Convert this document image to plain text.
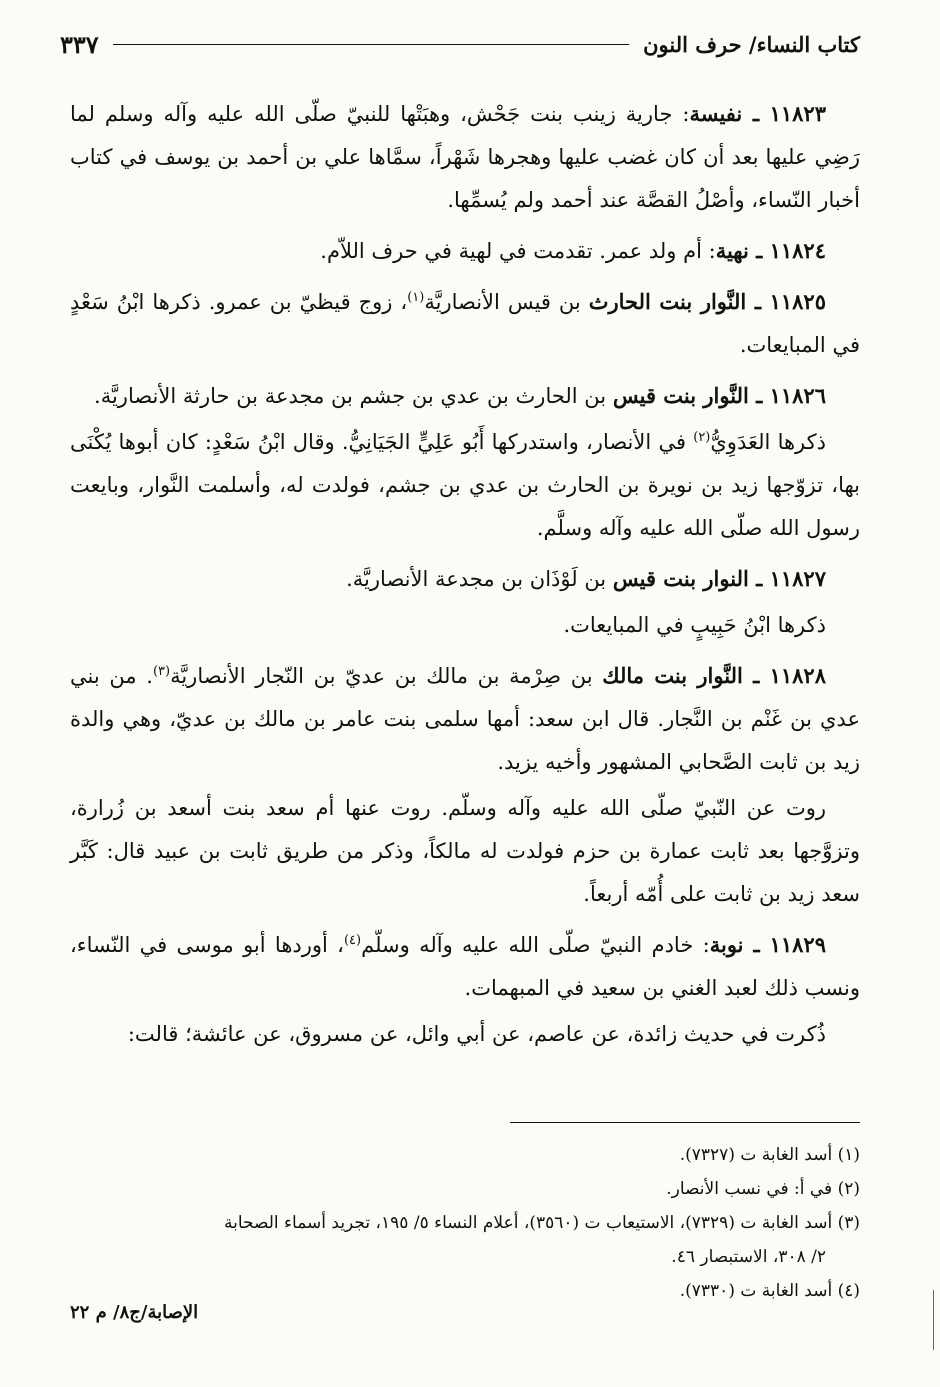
كتاب النساء/ حرف النون
٣٣٧

١١٨٢٣ ـ نفيسة: جارية زينب بنت جَحْش، وهبَتْها للنبيّ صلّى الله عليه وآله وسلم لما رَضِي عليها بعد أن كان غضب عليها وهجرها شَهْراً، سمَّاها علي بن أحمد بن يوسف في كتاب أخبار النّساء، وأصْلُ القصَّة عند أحمد ولم يُسمِّها.

١١٨٢٤ ـ نهية: أم ولد عمر. تقدمت في لهية في حرف اللاّم.

١١٨٢٥ ـ النَّوار بنت الحارث بن قيس الأنصاريَّة$^{(١)}$، زوج قيظيّ بن عمرو. ذكرها ابْنُ سَعْدٍ في المبايعات.

١١٨٢٦ ـ النَّوار بنت قيس بن الحارث بن عدي بن جشم بن مجدعة بن حارثة الأنصاريَّة.

ذكرها العَدَوِيُّ$^{(٢)}$ في الأنصار، واستدركها أَبُو عَلِيٍّ الجَيَانِيُّ. وقال ابْنُ سَعْدٍ: كان أبوها يُكْنَى بها، تزوّجها زيد بن نويرة بن الحارث بن عدي بن جشم، فولدت له، وأسلمت النَّوار، وبايعت رسول الله صلّى الله عليه وآله وسلَّم.

١١٨٢٧ ـ النوار بنت قيس بن لَوْذَان بن مجدعة الأنصاريَّة.

ذكرها ابْنُ حَبِيبٍ في المبايعات.

١١٨٢٨ ـ النَّوار بنت مالك بن صِرْمة بن مالك بن عديّ بن النّجار الأنصاريَّة$^{(٣)}$. من بني عدي بن غَنْم بن النَّجار. قال ابن سعد: أمها سلمى بنت عامر بن مالك بن عديّ، وهي والدة زيد بن ثابت الصَّحابي المشهور وأخيه يزيد.

روت عن النّبيّ صلّى الله عليه وآله وسلّم. روت عنها أم سعد بنت أسعد بن زُرارة، وتزوَّجها بعد ثابت عمارة بن حزم فولدت له مالكاً، وذكر من طريق ثابت بن عبيد قال: كَبَّر سعد زيد بن ثابت على أُمّه أربعاً.

١١٨٢٩ ـ نوبة: خادم النبيّ صلّى الله عليه وآله وسلّم$^{(٤)}$، أوردها أبو موسى في النّساء، ونسب ذلك لعبد الغني بن سعيد في المبهمات.

ذُكرت في حديث زائدة، عن عاصم، عن أبي وائل، عن مسروق، عن عائشة؛ قالت:

(١) أسد الغابة ت (٧٣٢٧).

(٢) في أ: في نسب الأنصار.

(٣) أسد الغابة ت (٧٣٢٩)، الاستيعاب ت (٣٥٦٠)، أعلام النساء ٥/ ١٩٥، تجريد أسماء الصحابة
٢/ ٣٠٨، الاستبصار ٤٦.

(٤) أسد الغابة ت (٧٣٣٠).

الإصابة/ج٨/ م ٢٢
